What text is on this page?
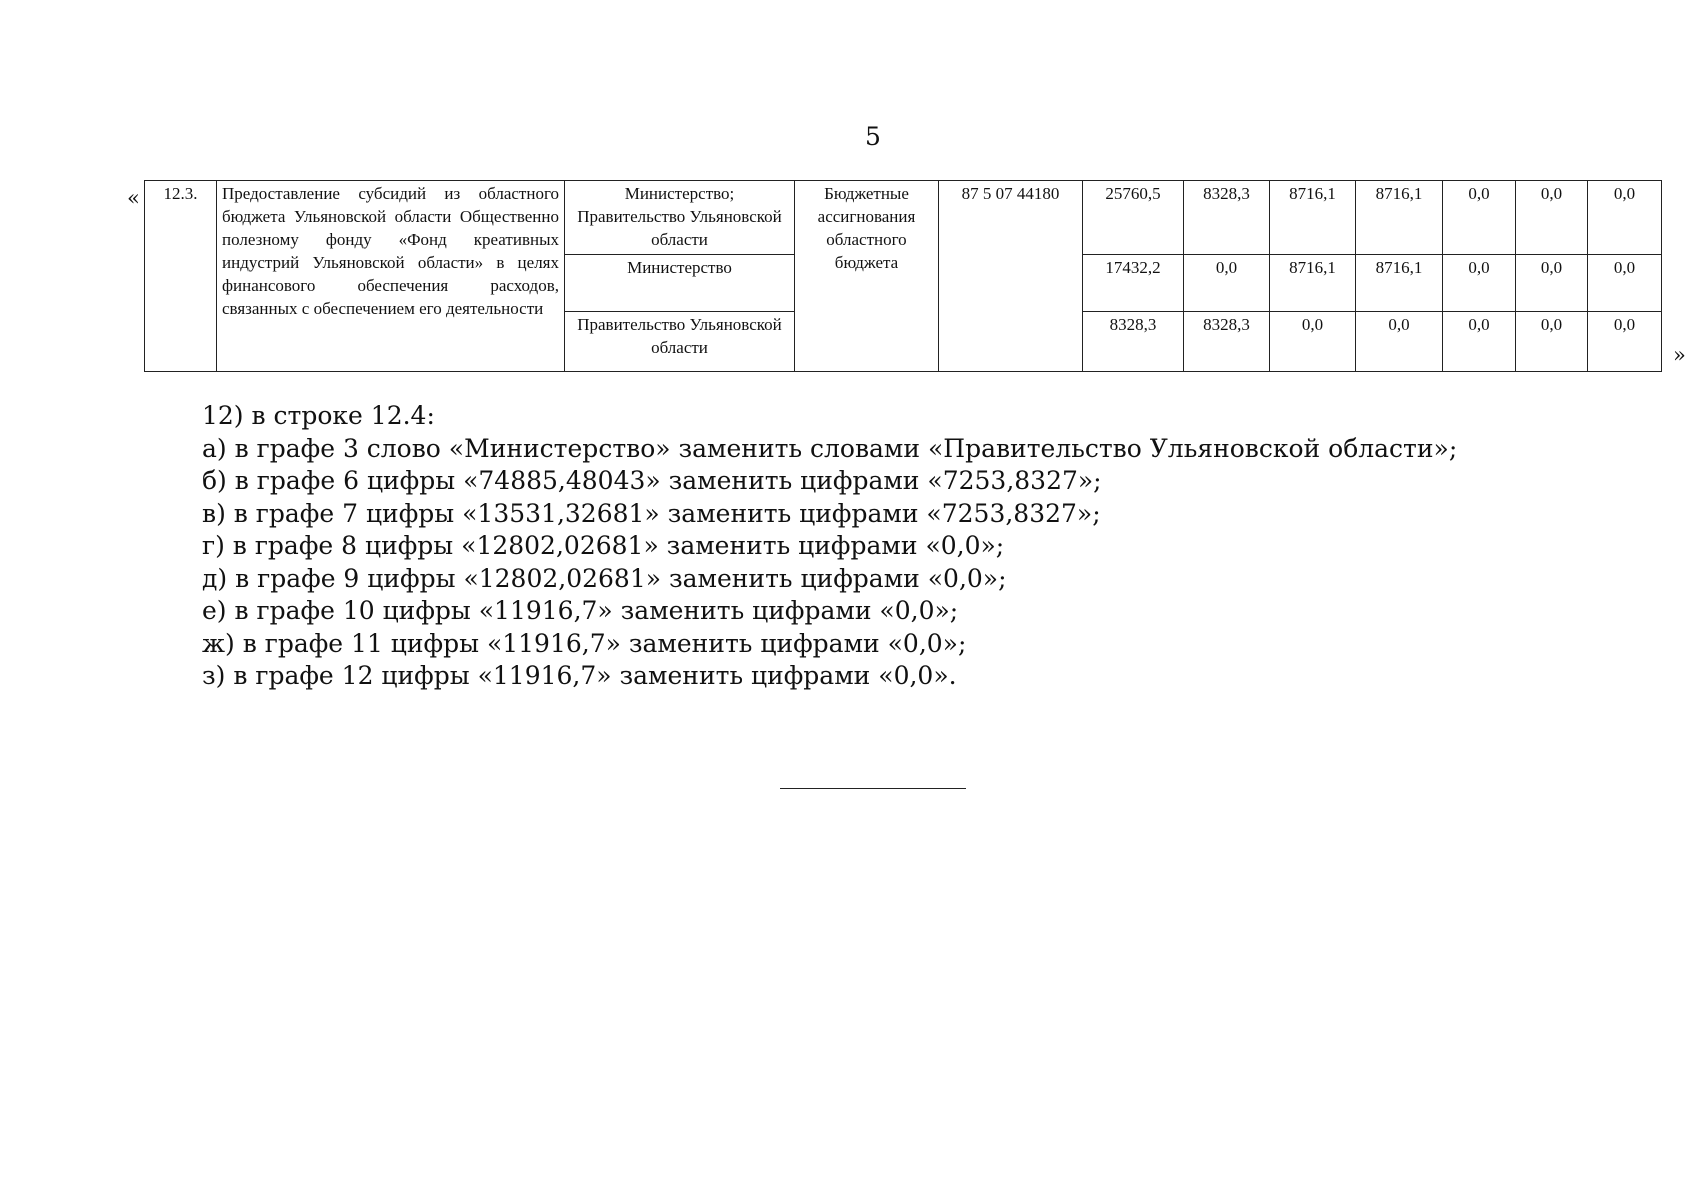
5
« 12.3.	Предоставление субсидий из областного бюджета Ульяновской области Общественно полезному фонду «Фонд креативных индустрий Ульяновской области» в целях финансового обеспечения расходов, связанных с обеспечением его деятельности	Министерство; Правительство Ульяновской области	Бюджетные ассигнования областного бюджета	87 5 07 44180	25760,5	8328,3	8716,1	8716,1	0,0	0,0	0,0
		Министерство			17432,2	0,0	8716,1	8716,1	0,0	0,0	0,0
		Правительство Ульяновской области			8328,3	8328,3	0,0	0,0	0,0	0,0	0,0
»

12) в строке 12.4:

а) в графе 3 слово «Министерство» заменить словами «Правительство Ульяновской области»;

б) в графе 6 цифры «74885,48043» заменить цифрами «7253,8327»;

в) в графе 7 цифры «13531,32681» заменить цифрами «7253,8327»;

г) в графе 8 цифры «12802,02681» заменить цифрами «0,0»;

д) в графе 9 цифры «12802,02681» заменить цифрами «0,0»;

е) в графе 10 цифры «11916,7» заменить цифрами «0,0»;

ж) в графе 11 цифры «11916,7» заменить цифрами «0,0»;

з) в графе 12 цифры «11916,7» заменить цифрами «0,0».
